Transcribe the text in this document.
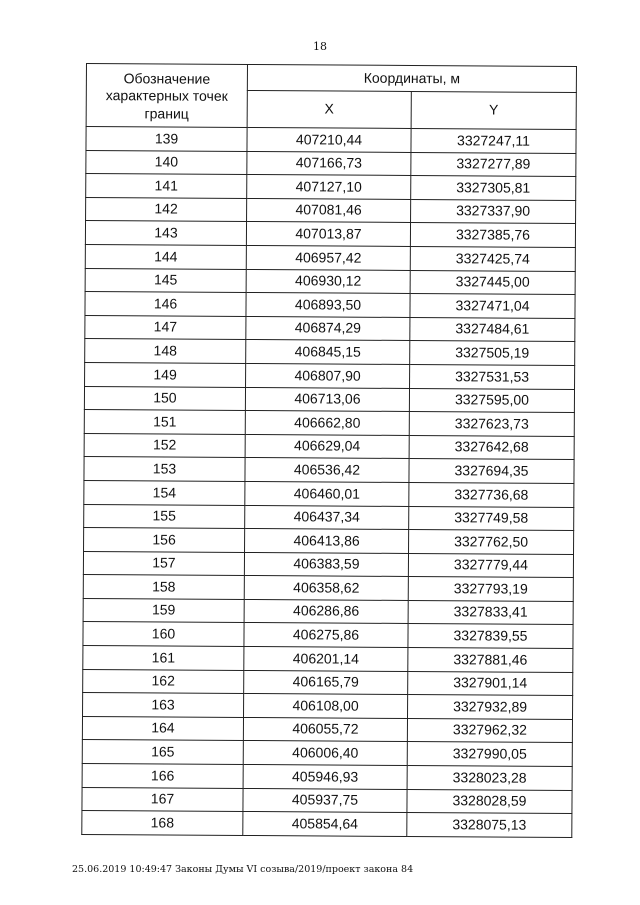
18
Обозначение характерных точек границ	Координаты, м	
	X	Y
139	407210,44	3327247,11
140	407166,73	3327277,89
141	407127,10	3327305,81
142	407081,46	3327337,90
143	407013,87	3327385,76
144	406957,42	3327425,74
145	406930,12	3327445,00
146	406893,50	3327471,04
147	406874,29	3327484,61
148	406845,15	3327505,19
149	406807,90	3327531,53
150	406713,06	3327595,00
151	406662,80	3327623,73
152	406629,04	3327642,68
153	406536,42	3327694,35
154	406460,01	3327736,68
155	406437,34	3327749,58
156	406413,86	3327762,50
157	406383,59	3327779,44
158	406358,62	3327793,19
159	406286,86	3327833,41
160	406275,86	3327839,55
161	406201,14	3327881,46
162	406165,79	3327901,14
163	406108,00	3327932,89
164	406055,72	3327962,32
165	406006,40	3327990,05
166	405946,93	3328023,28
167	405937,75	3328028,59
168	405854,64	3328075,13
25.06.2019 10:49:47 Законы Думы VI созыва/2019/проект закона 84
